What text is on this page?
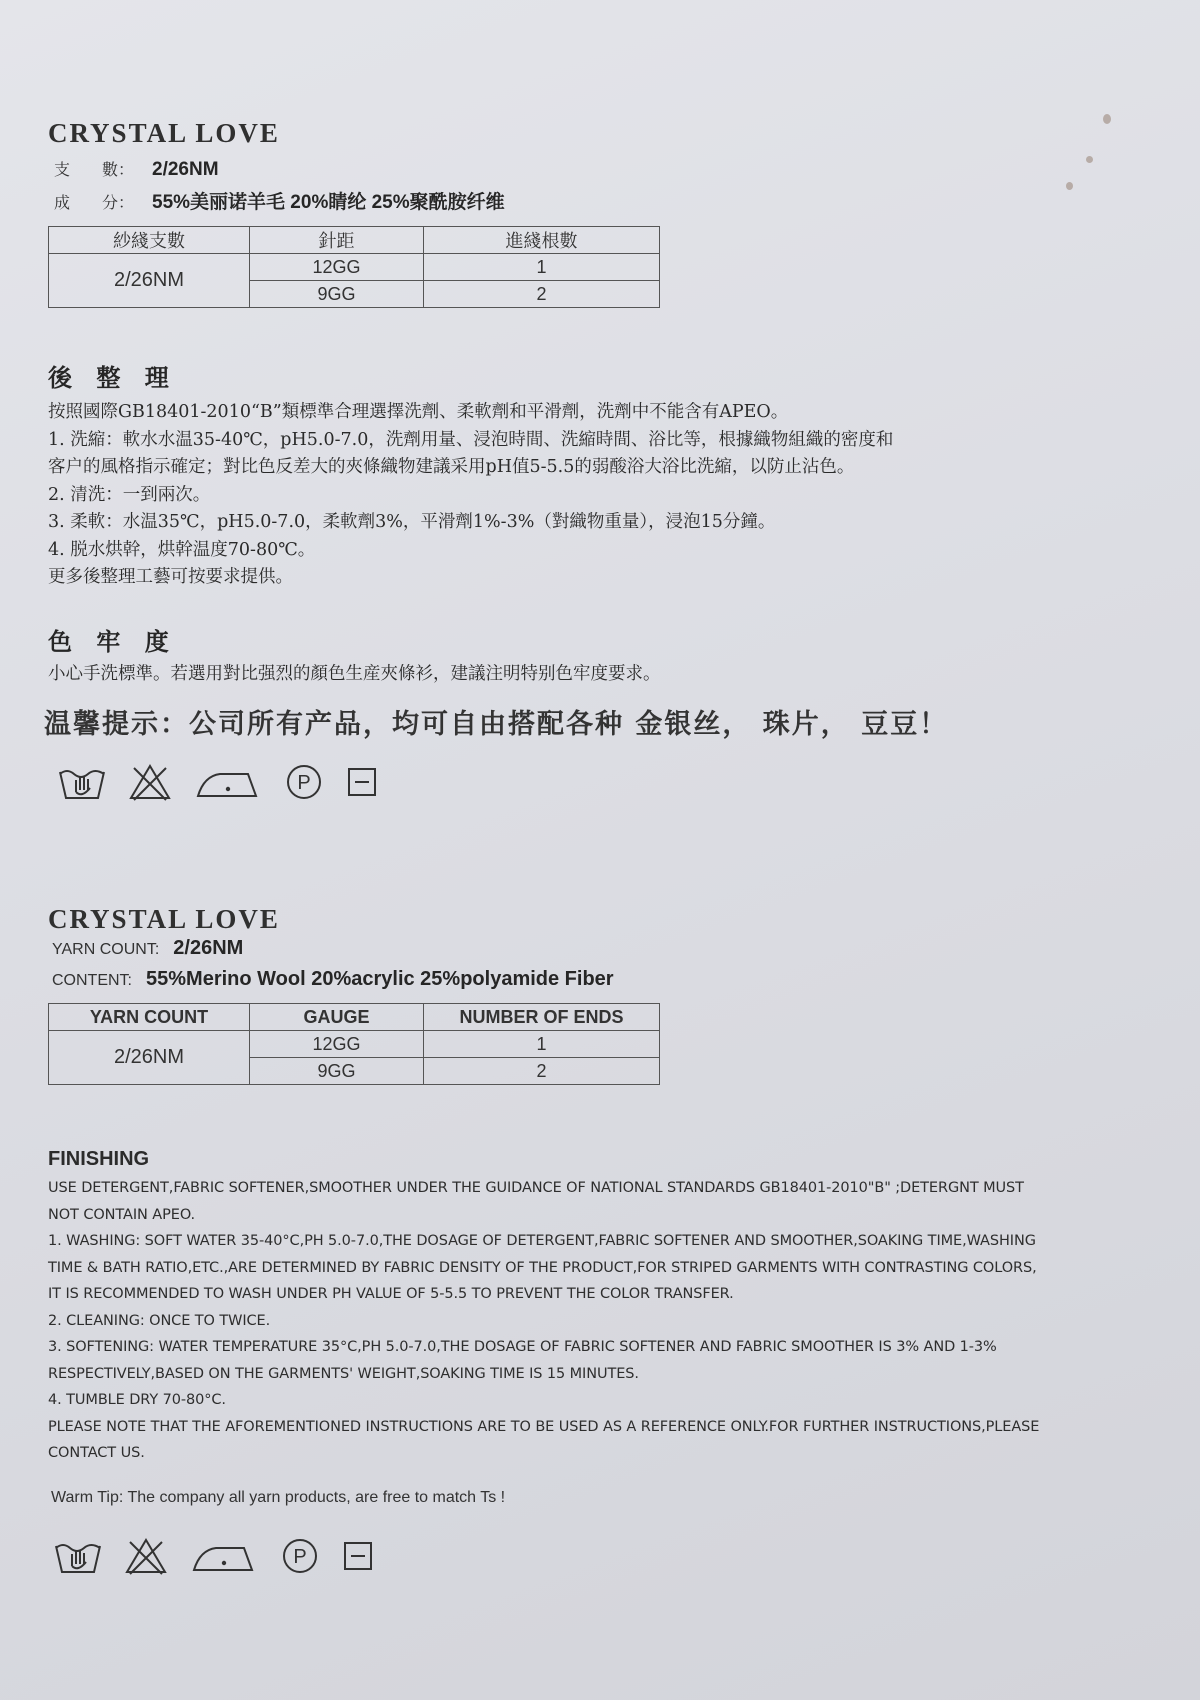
CRYSTAL LOVE
支　　數： 2/26NM
成　　分： 55%美丽诺羊毛 20%睛纶 25%聚酰胺纤维
紗綫支數	針距	進綫根數
2/26NM	12GG	1
	9GG	2
後 整 理

按照國際GB18401-2010“B”類標準合理選擇洗劑、柔軟劑和平滑劑，洗劑中不能含有APEO。

1. 洗縮：軟水水温35-40℃，pH5.0-7.0，洗劑用量、浸泡時間、洗縮時間、浴比等，根據織物組織的密度和

客户的風格指示確定；對比色反差大的夾條織物建議采用pH值5-5.5的弱酸浴大浴比洗縮，以防止沾色。

2. 清洗：一到兩次。

3. 柔軟：水温35℃，pH5.0-7.0，柔軟劑3%，平滑劑1%-3%（對織物重量），浸泡15分鐘。

4. 脱水烘幹，烘幹温度70-80℃。

更多後整理工藝可按要求提供。

色 牢 度

小心手洗標準。若選用對比强烈的顏色生産夾條衫，建議注明特别色牢度要求。

温馨提示：公司所有产品，均可自由搭配各种 金银丝， 珠片， 豆豆！
P
CRYSTAL LOVE
YARN COUNT: 2/26NM
CONTENT: 55%Merino Wool 20%acrylic 25%polyamide Fiber
YARN COUNT	GAUGE	NUMBER OF ENDS
2/26NM	12GG	1
	9GG	2
FINISHING

USE DETERGENT,FABRIC SOFTENER,SMOOTHER UNDER THE GUIDANCE OF NATIONAL STANDARDS GB18401-2010"B" ;DETERGNT MUST

NOT CONTAIN APEO.

1. WASHING: SOFT WATER 35-40°C,PH 5.0-7.0,THE DOSAGE OF DETERGENT,FABRIC SOFTENER AND SMOOTHER,SOAKING TIME,WASHING

TIME & BATH RATIO,ETC.,ARE DETERMINED BY FABRIC DENSITY OF THE PRODUCT,FOR STRIPED GARMENTS WITH CONTRASTING COLORS,

IT IS RECOMMENDED TO WASH UNDER PH VALUE OF 5-5.5 TO PREVENT THE COLOR TRANSFER.

2. CLEANING: ONCE TO TWICE.

3. SOFTENING: WATER TEMPERATURE 35°C,PH 5.0-7.0,THE DOSAGE OF FABRIC SOFTENER AND FABRIC SMOOTHER IS 3% AND 1-3%

RESPECTIVELY,BASED ON THE GARMENTS' WEIGHT,SOAKING TIME IS 15 MINUTES.

4. TUMBLE DRY 70-80°C.

PLEASE NOTE THAT THE AFOREMENTIONED INSTRUCTIONS ARE TO BE USED AS A REFERENCE ONLY.FOR FURTHER INSTRUCTIONS,PLEASE

CONTACT US.

Warm Tip: The company all yarn products, are free to match Ts !
P
